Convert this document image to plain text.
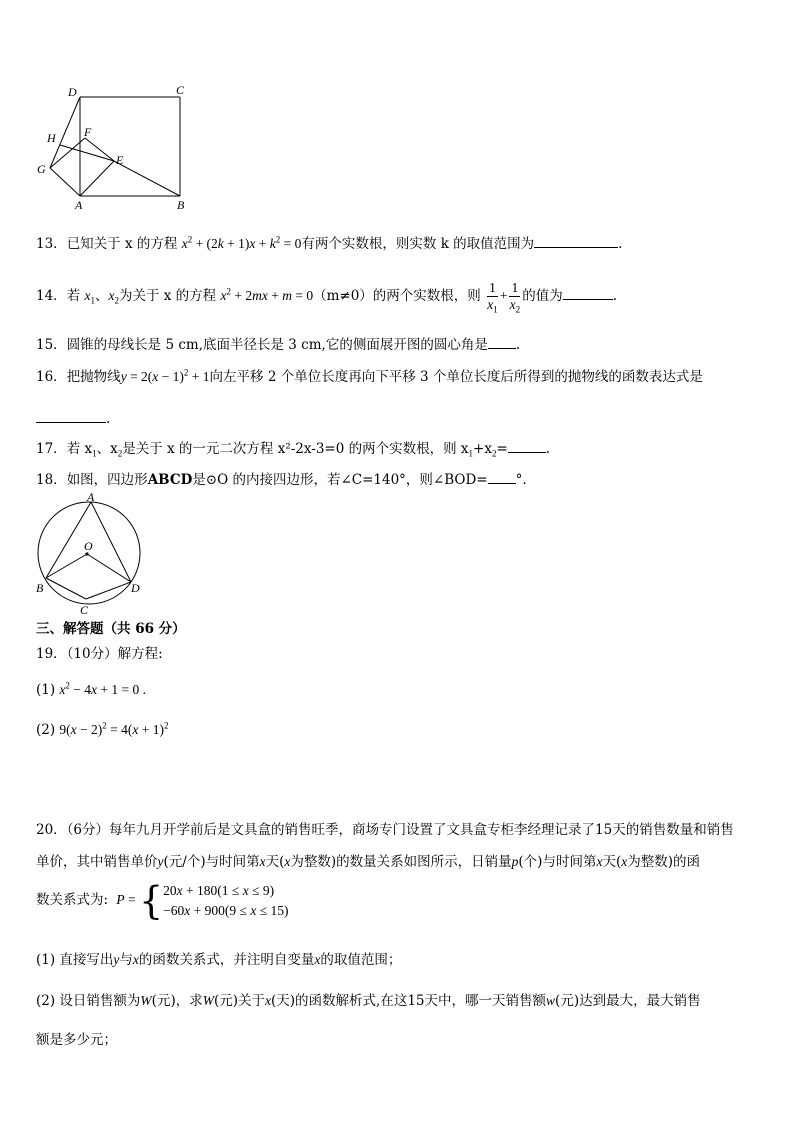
D	C
H F
G
E
A	B
13．已知关于 x 的方程 $x^2 + (2k + 1)x + k^2 = 0$有两个实数根，则实数 k 的取值范围为	.
14．若 $x_1$、$x_2$为关于 x 的方程 $x^2 + 2mx + m = 0(m\ne 0)$的两个实数根，则 $\frac{1}{x_1} + \frac{1}{x_2}$ 的值为	.
15．圆锥的母线长是 5 cm,底面半径长是 3 cm,它的侧面展开图的圆心角是 .
16．把抛物线$y = 2(x - 1)^2 + 1$向左平移 2 个单位长度再向下平移 3 个单位长度后所得到的抛物线的函数表达式是
.
17．若 $x_1$、$x_2$是关于 x 的一元二次方程 x²-2x-3=0 的两个实数根，则 $x_1+x_2=$	.
18．如图，四边形ABCD是⊙O 的内接四边形，若∠C=140°，则∠BOD= °.
A
O
B
C
D
三、解答题（共 66 分）
19．（10分）解方程:
(1) $x^2 - 4x + 1 = 0$ .
(2) $9(x - 2)^2 = 4(x + 1)^2$
20．（6分）每年九月开学前后是文具盒的销售旺季，商场专门设置了文具盒专柜李经理记录了15天的销售数量和销售
单价，其中销售单价y(元/个)与时间第x天(x为整数)的数量关系如图所示，日销量p(个)与时间第x天(x为整数)的函
数关系式为: P = {20x + 180(1 ≤ x ≤ 9)
−60x + 900(9 ≤ x ≤ 15)
(1) 直接写出y与x的函数关系式，并注明自变量x的取值范围；
(2) 设日销售额为W(元)，求W(元)关于x(天)的函数解析式,在这15天中，哪一天销售额w(元)达到最大，最大销售
额是多少元；
